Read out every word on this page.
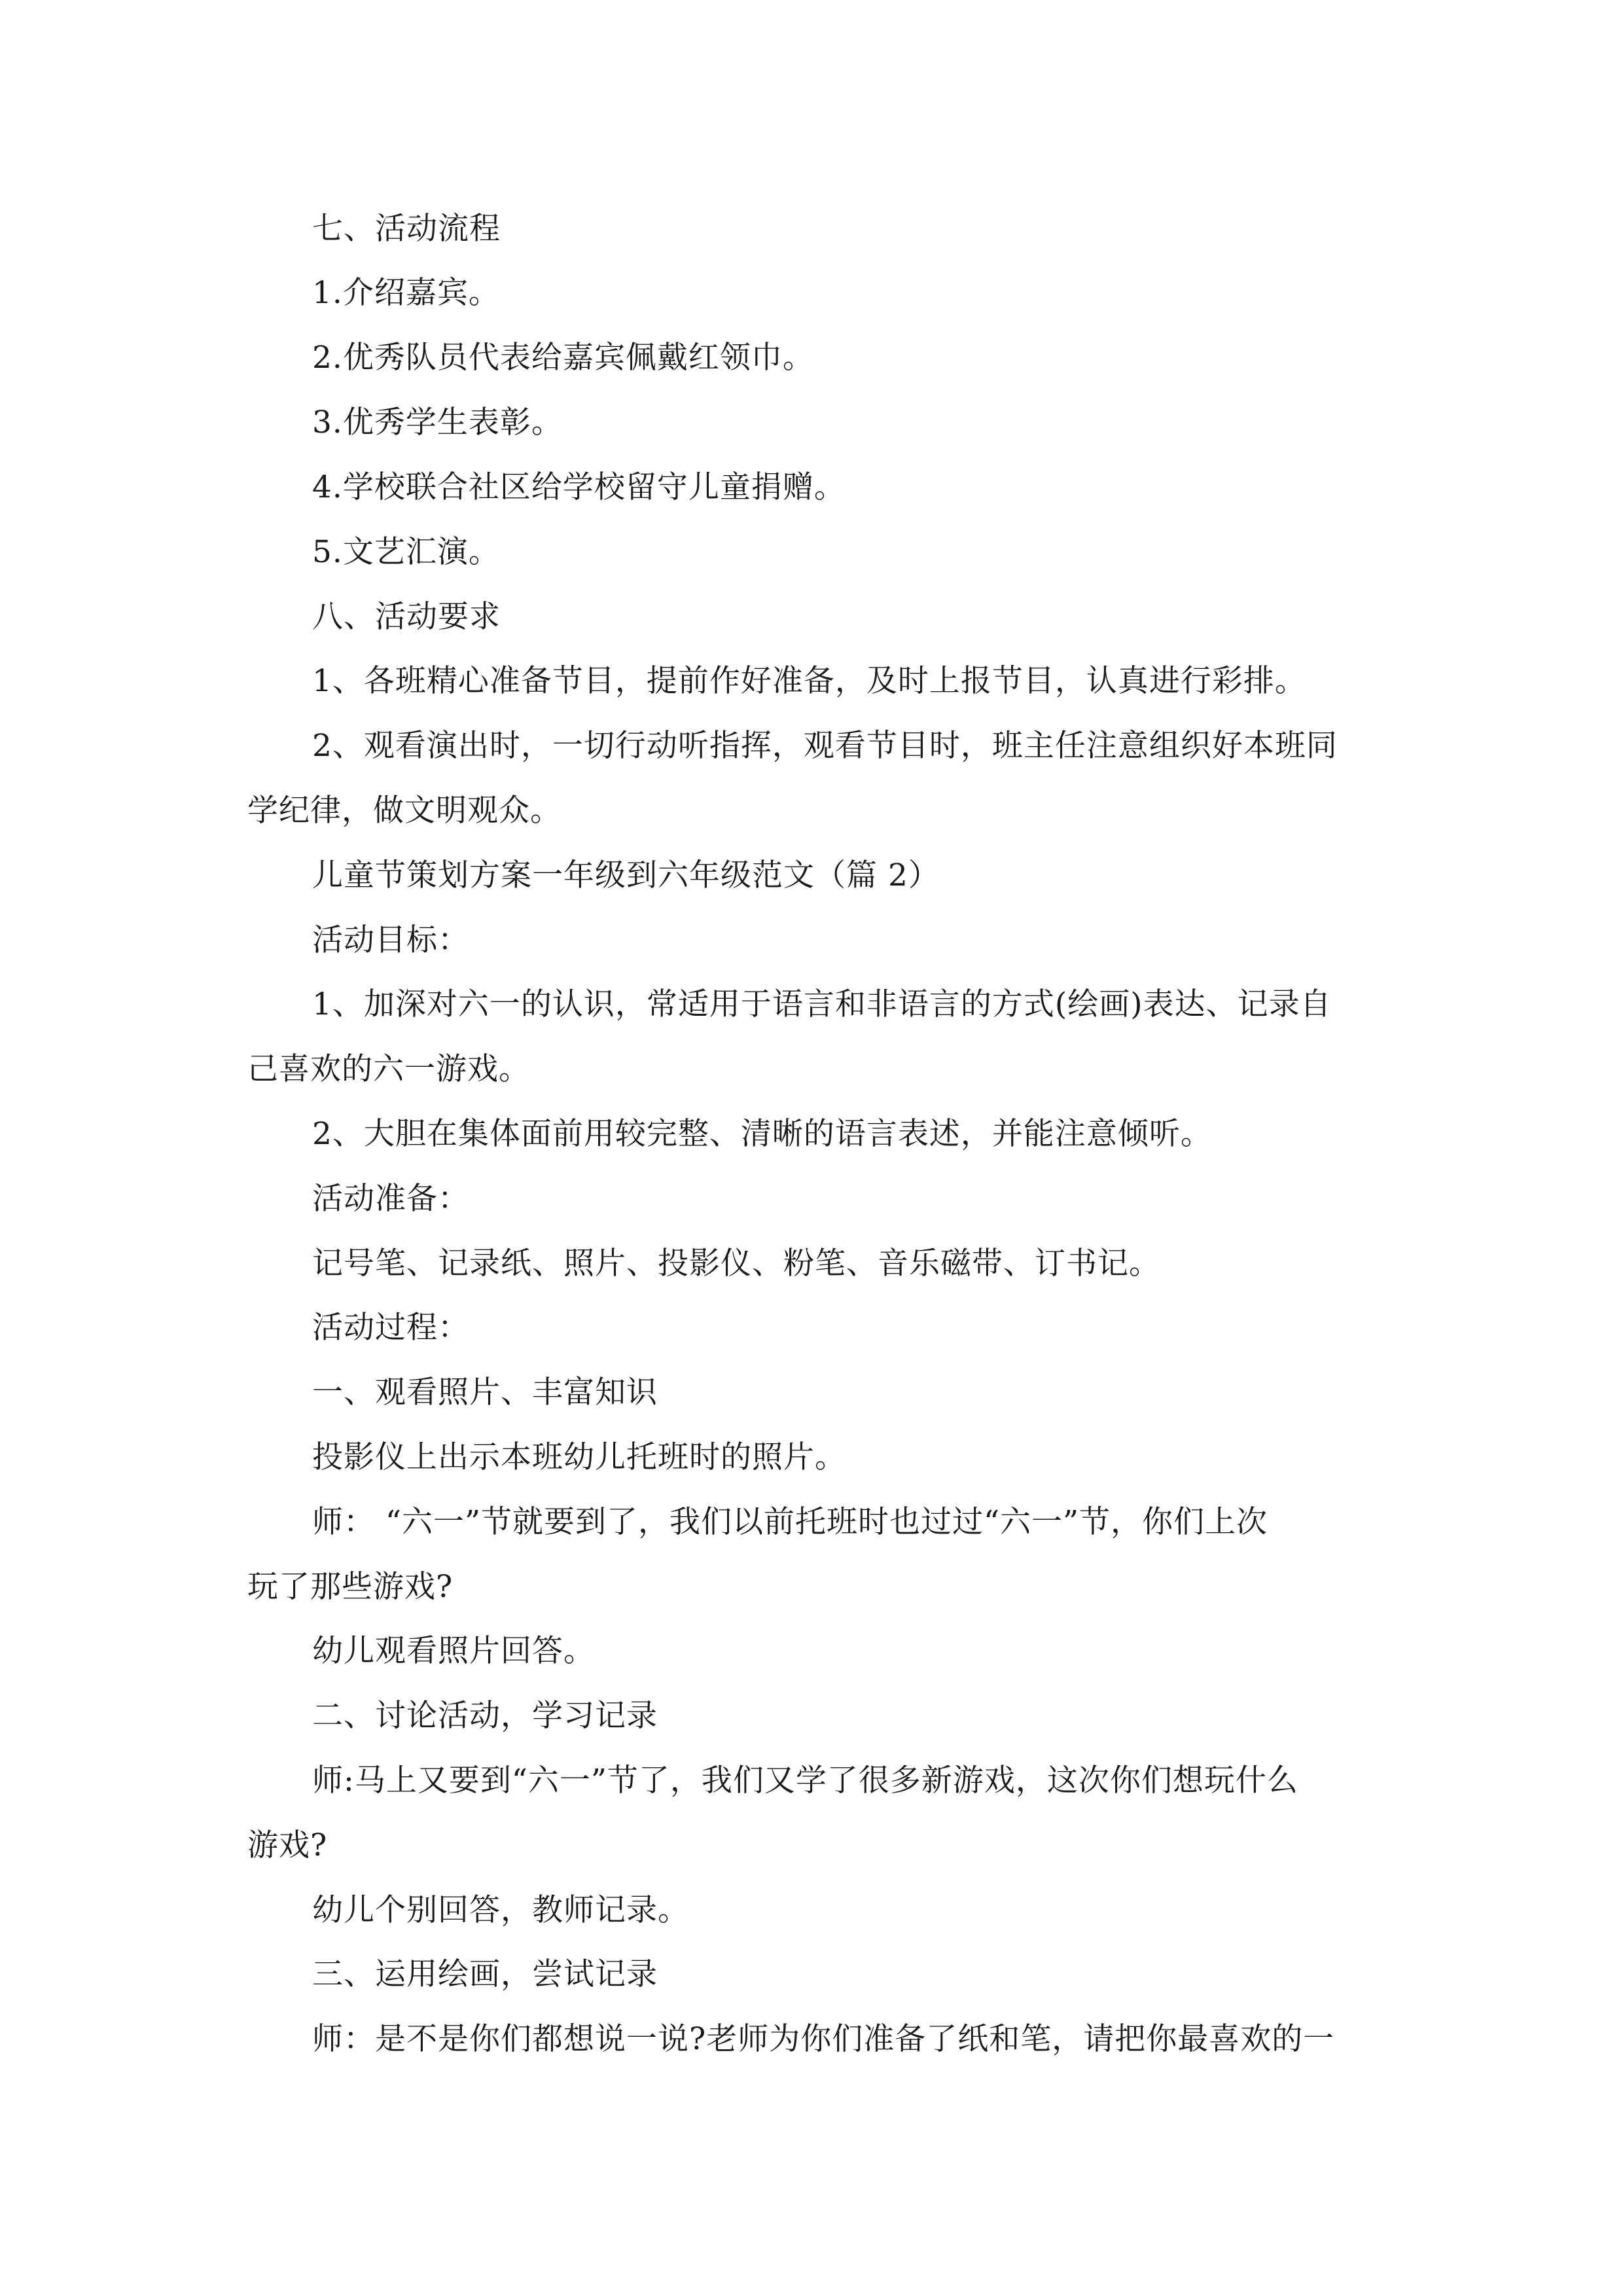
七、活动流程
1.介绍嘉宾。
2.优秀队员代表给嘉宾佩戴红领巾。
3.优秀学生表彰。
4.学校联合社区给学校留守儿童捐赠。
5.文艺汇演。
八、活动要求
1、各班精心准备节目，提前作好准备，及时上报节目，认真进行彩排。
2、观看演出时，一切行动听指挥，观看节目时，班主任注意组织好本班同
学纪律，做文明观众。
儿童节策划方案一年级到六年级范文（篇 2）
活动目标：
1、加深对六一的认识，常适用于语言和非语言的方式(绘画)表达、记录自
己喜欢的六一游戏。
2、大胆在集体面前用较完整、清晰的语言表述，并能注意倾听。
活动准备：
记号笔、记录纸、照片、投影仪、粉笔、音乐磁带、订书记。
活动过程：
一、观看照片、丰富知识
投影仪上出示本班幼儿托班时的照片。
师： “六一”节就要到了，我们以前托班时也过过“六一”节，你们上次
玩了那些游戏?
幼儿观看照片回答。
二、讨论活动，学习记录
师:马上又要到“六一”节了，我们又学了很多新游戏，这次你们想玩什么
游戏?
幼儿个别回答，教师记录。
三、运用绘画，尝试记录
师：是不是你们都想说一说?老师为你们准备了纸和笔，请把你最喜欢的一
